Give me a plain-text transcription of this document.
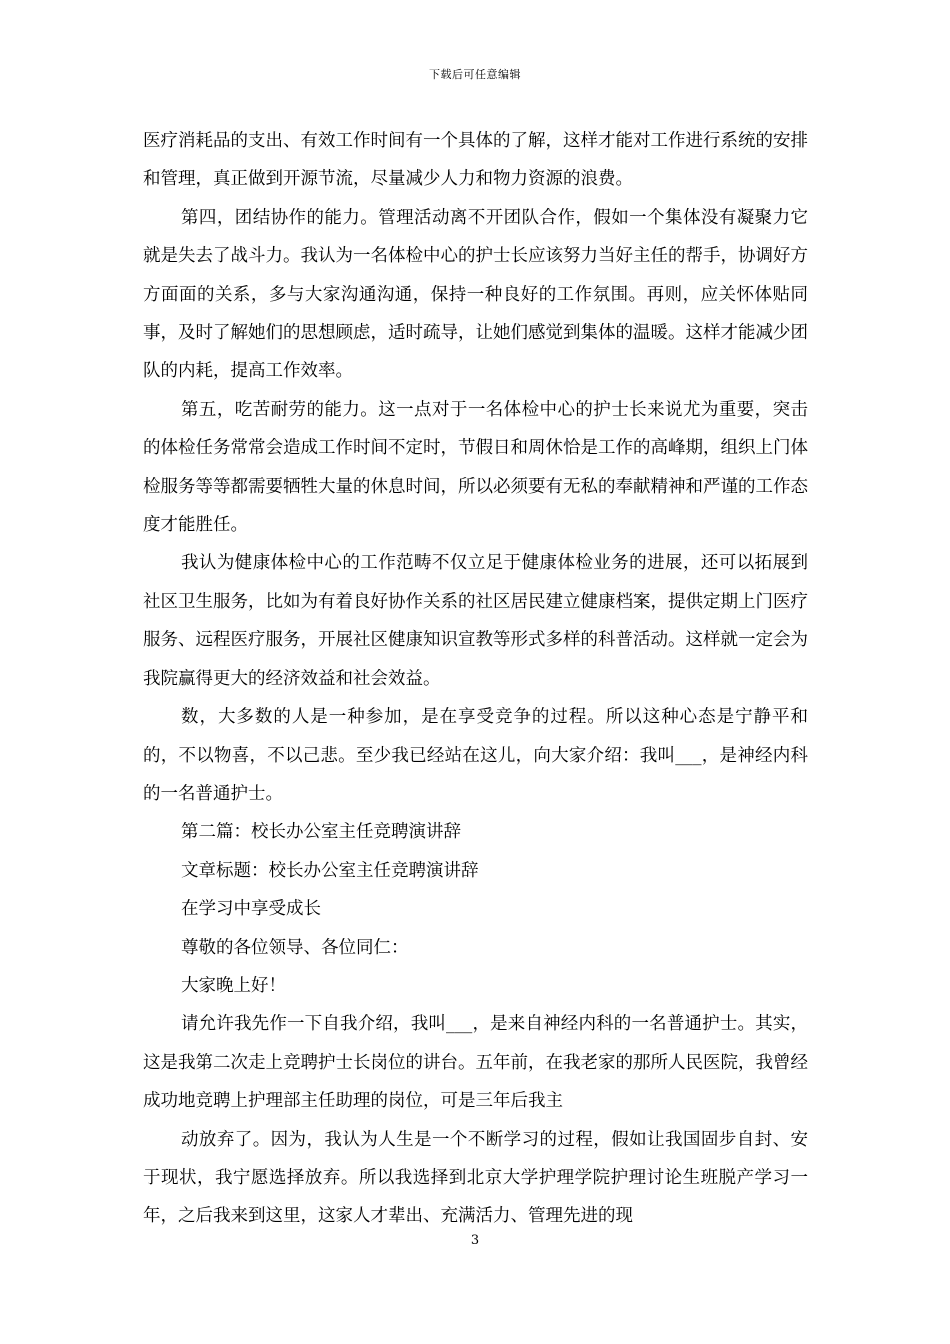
下载后可任意编辑

医疗消耗品的支出、有效工作时间有一个具体的了解，这样才能对工作进行系统的安排和管理，真正做到开源节流，尽量减少人力和物力资源的浪费。

第四，团结协作的能力。管理活动离不开团队合作，假如一个集体没有凝聚力它就是失去了战斗力。我认为一名体检中心的护士长应该努力当好主任的帮手，协调好方方面面的关系，多与大家沟通沟通，保持一种良好的工作氛围。再则，应关怀体贴同事，及时了解她们的思想顾虑，适时疏导，让她们感觉到集体的温暖。这样才能减少团队的内耗，提高工作效率。

第五，吃苦耐劳的能力。这一点对于一名体检中心的护士长来说尤为重要，突击的体检任务常常会造成工作时间不定时，节假日和周休恰是工作的高峰期，组织上门体检服务等等都需要牺牲大量的休息时间，所以必须要有无私的奉献精神和严谨的工作态度才能胜任。

我认为健康体检中心的工作范畴不仅立足于健康体检业务的进展，还可以拓展到社区卫生服务，比如为有着良好协作关系的社区居民建立健康档案，提供定期上门医疗服务、远程医疗服务，开展社区健康知识宣教等形式多样的科普活动。这样就一定会为我院赢得更大的经济效益和社会效益。

数，大多数的人是一种参加，是在享受竞争的过程。所以这种心态是宁静平和的，不以物喜，不以己悲。至少我已经站在这儿，向大家介绍：我叫___，是神经内科的一名普通护士。

第二篇：校长办公室主任竞聘演讲辞

文章标题：校长办公室主任竞聘演讲辞

在学习中享受成长

尊敬的各位领导、各位同仁：

大家晚上好！

请允许我先作一下自我介绍，我叫___，是来自神经内科的一名普通护士。其实，这是我第二次走上竞聘护士长岗位的讲台。五年前，在我老家的那所人民医院，我曾经成功地竞聘上护理部主任助理的岗位，可是三年后我主

动放弃了。因为，我认为人生是一个不断学习的过程，假如让我国固步自封、安于现状，我宁愿选择放弃。所以我选择到北京大学护理学院护理讨论生班脱产学习一年，之后我来到这里，这家人才辈出、充满活力、管理先进的现

3
